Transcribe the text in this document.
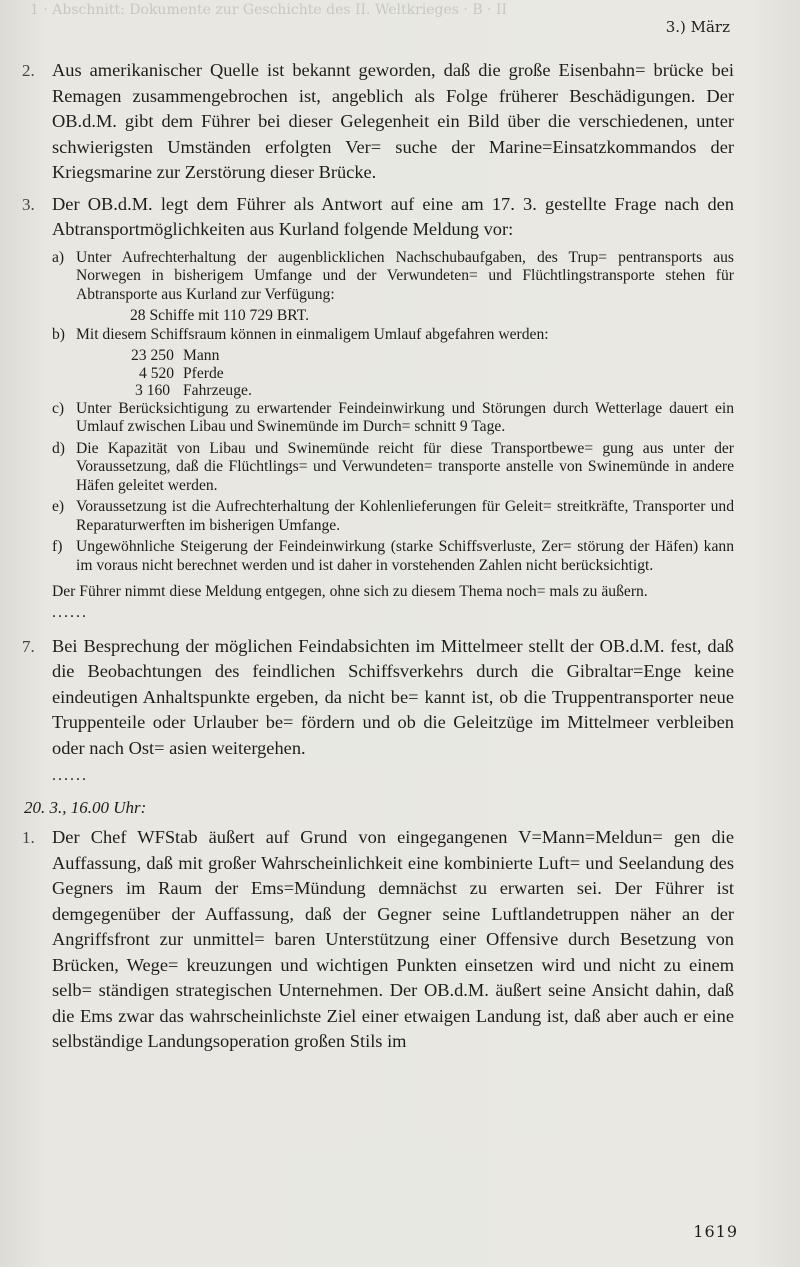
1 · Abschnitt: Dokumente zur Geschichte des II. Weltkrieges · B · II
3.) März
2. Aus amerikanischer Quelle ist bekannt geworden, daß die große Eisenbahn= brücke bei Remagen zusammengebrochen ist, angeblich als Folge früherer Beschädigungen. Der OB.d.M. gibt dem Führer bei dieser Gelegenheit ein Bild über die verschiedenen, unter schwierigsten Umständen erfolgten Ver= suche der Marine=Einsatzkommandos der Kriegsmarine zur Zerstörung dieser Brücke.
3. Der OB.d.M. legt dem Führer als Antwort auf eine am 17. 3. gestellte Frage nach den Abtransportmöglichkeiten aus Kurland folgende Meldung vor:
a) Unter Aufrechterhaltung der augenblicklichen Nachschubaufgaben, des Trup= pentransports aus Norwegen in bisherigem Umfange und der Verwundeten= und Flüchtlingstransporte stehen für Abtransporte aus Kurland zur Verfügung:
28 Schiffe mit 110 729 BRT.
b) Mit diesem Schiffsraum können in einmaligem Umlauf abgefahren werden:
23 250 Mann
4 520 Pferde
3 160 Fahrzeuge.
c) Unter Berücksichtigung zu erwartender Feindeinwirkung und Störungen durch Wetterlage dauert ein Umlauf zwischen Libau und Swinemünde im Durch= schnitt 9 Tage.
d) Die Kapazität von Libau und Swinemünde reicht für diese Transportbewe= gung aus unter der Voraussetzung, daß die Flüchtlings= und Verwundeten= transporte anstelle von Swinemünde in andere Häfen geleitet werden.
e) Voraussetzung ist die Aufrechterhaltung der Kohlenlieferungen für Geleit= streitkräfte, Transporter und Reparaturwerften im bisherigen Umfange.
f) Ungewöhnliche Steigerung der Feindeinwirkung (starke Schiffsverluste, Zer= störung der Häfen) kann im voraus nicht berechnet werden und ist daher in vorstehenden Zahlen nicht berücksichtigt.
Der Führer nimmt diese Meldung entgegen, ohne sich zu diesem Thema noch= mals zu äußern.
......
7. Bei Besprechung der möglichen Feindabsichten im Mittelmeer stellt der OB.d.M. fest, daß die Beobachtungen des feindlichen Schiffsverkehrs durch die Gibraltar=Enge keine eindeutigen Anhaltspunkte ergeben, da nicht be= kannt ist, ob die Truppentransporter neue Truppenteile oder Urlauber be= fördern und ob die Geleitzüge im Mittelmeer verbleiben oder nach Ost= asien weitergehen.
......
20. 3., 16.00 Uhr:
1. Der Chef WFStab äußert auf Grund von eingegangenen V=Mann=Meldun= gen die Auffassung, daß mit großer Wahrscheinlichkeit eine kombinierte Luft= und Seelandung des Gegners im Raum der Ems=Mündung demnächst zu erwarten sei. Der Führer ist demgegenüber der Auffassung, daß der Gegner seine Luftlandetruppen näher an der Angriffsfront zur unmittel= baren Unterstützung einer Offensive durch Besetzung von Brücken, Wege= kreuzungen und wichtigen Punkten einsetzen wird und nicht zu einem selb= ständigen strategischen Unternehmen. Der OB.d.M. äußert seine Ansicht dahin, daß die Ems zwar das wahrscheinlichste Ziel einer etwaigen Landung ist, daß aber auch er eine selbständige Landungsoperation großen Stils im
1619
